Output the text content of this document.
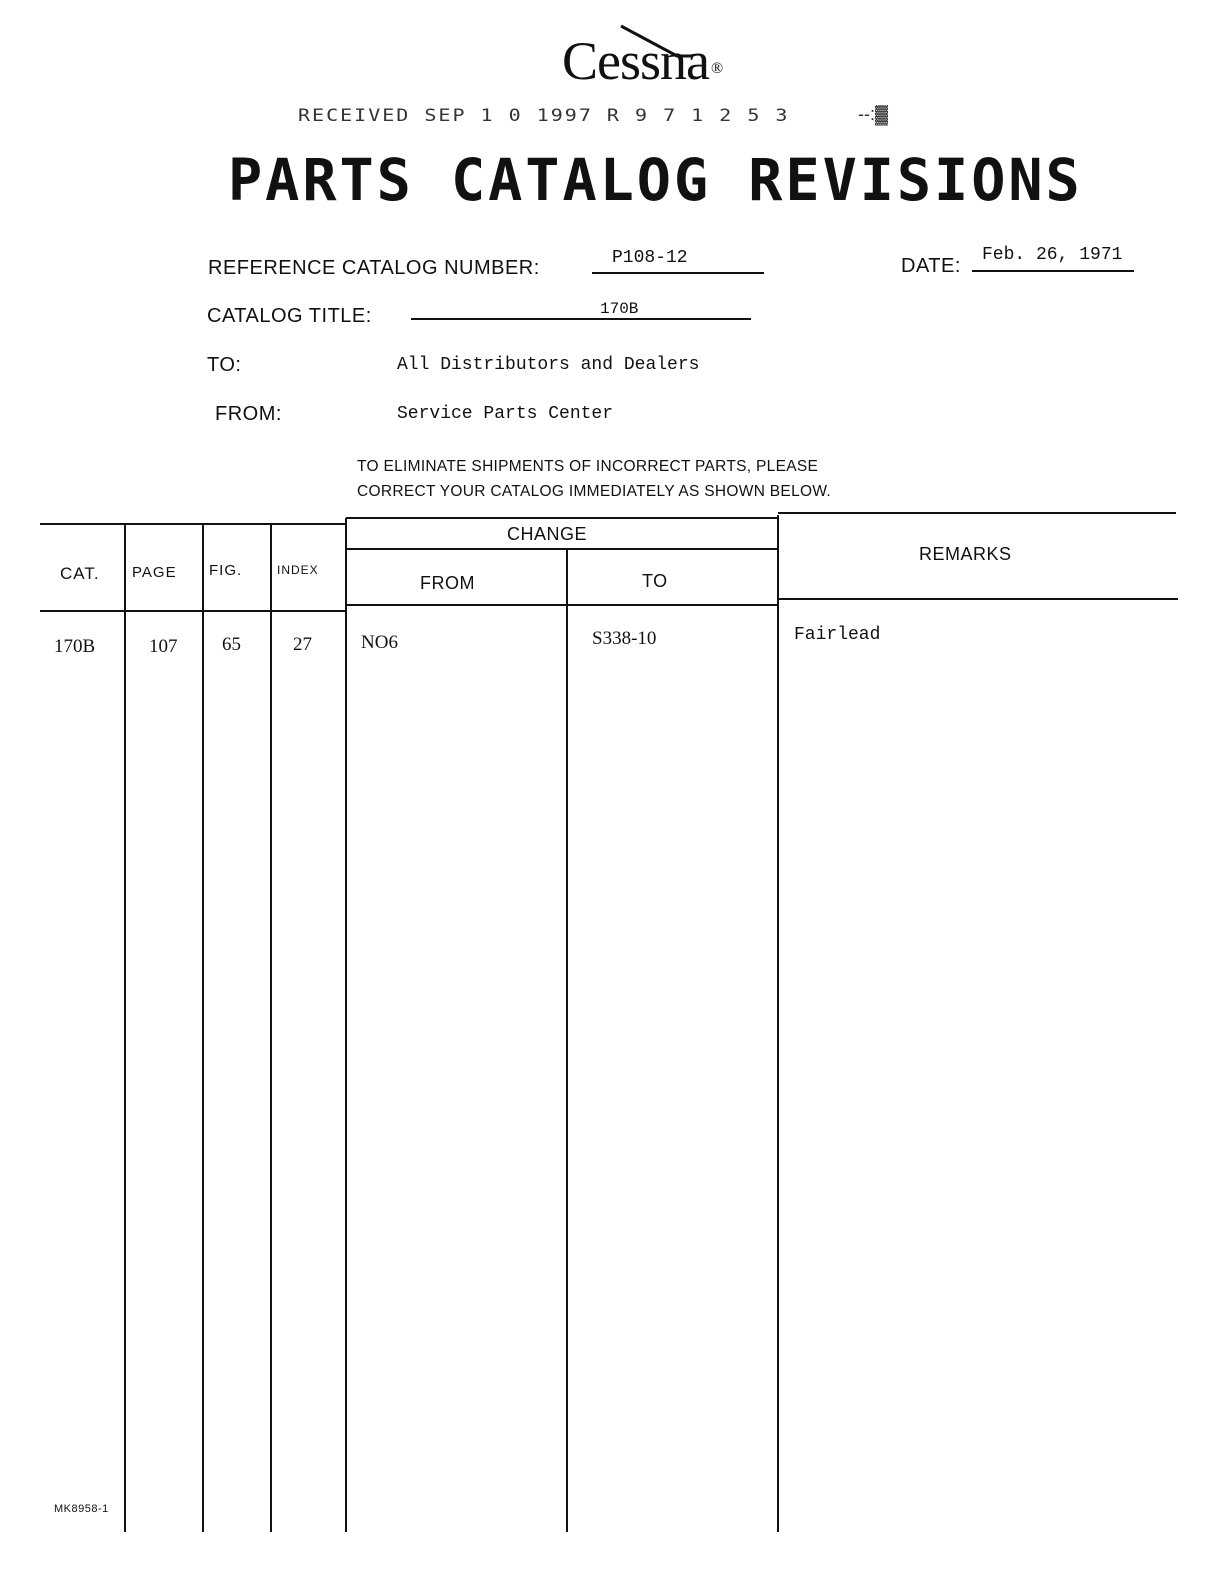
Cessna ®
RECEIVED SEP 1 0 1997 R 9 7 1 2 5 3	--:▓
PARTS CATALOG REVISIONS
REFERENCE CATALOG NUMBER:	P108-12	DATE: Feb. 26, 1971
CATALOG TITLE:	170B
TO:	All Distributors and Dealers
FROM:	Service Parts Center
TO ELIMINATE SHIPMENTS OF INCORRECT PARTS, PLEASE
CORRECT YOUR CATALOG IMMEDIATELY AS SHOWN BELOW.
CAT. PAGE FIG.	INDEX
CHANGE
FROM	TO
REMARKS
170B	107 65	27	NO6	S338-10	Fairlead
MK8958-1
